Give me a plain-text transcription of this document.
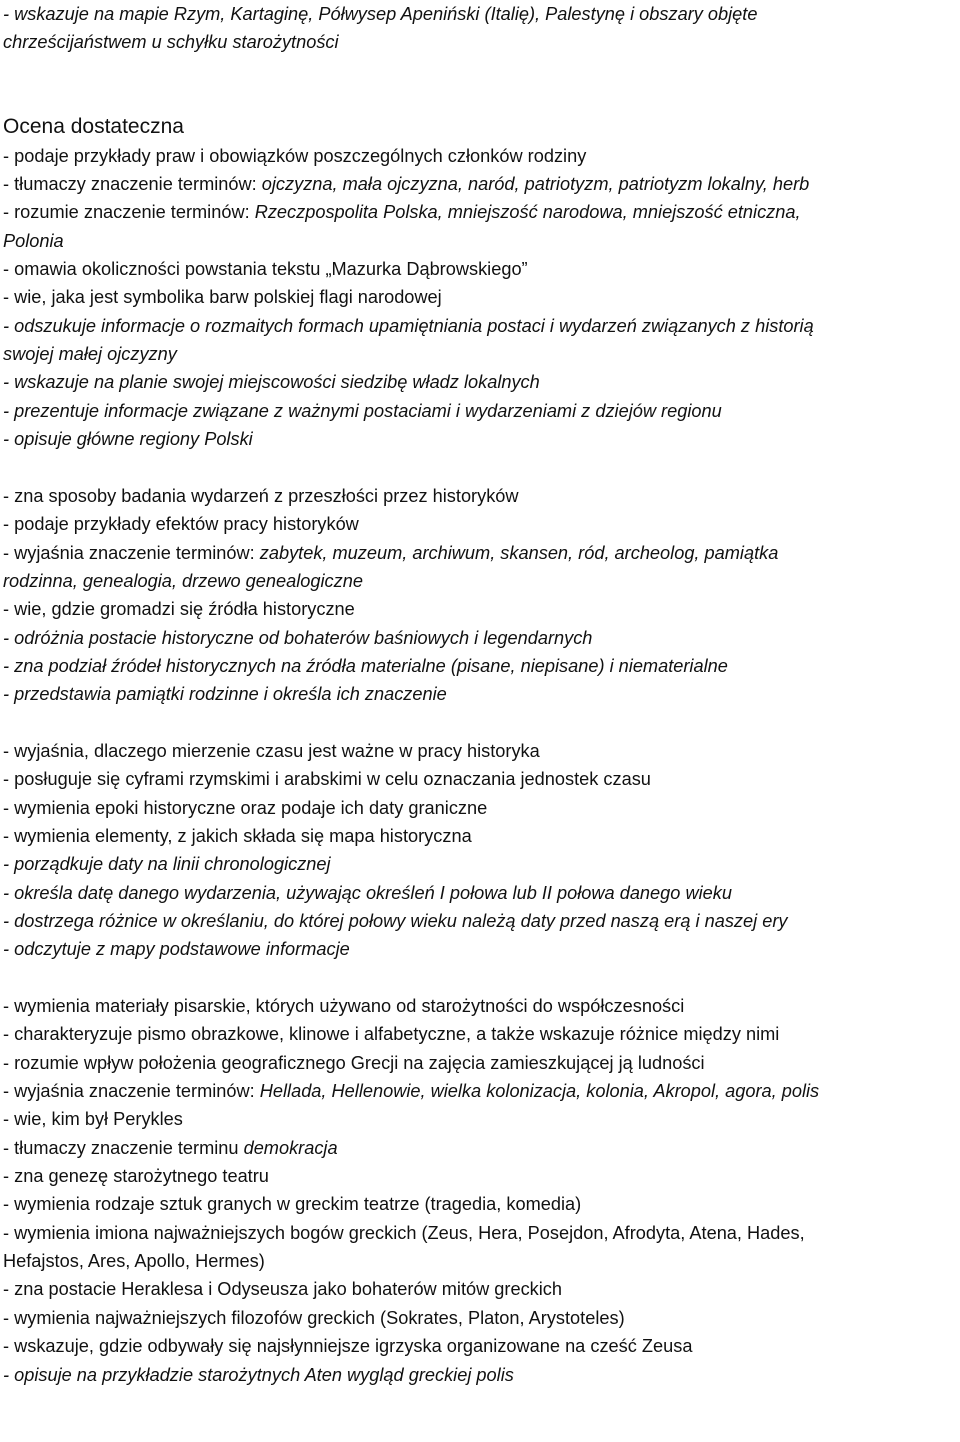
- wskazuje na mapie Rzym, Kartaginę, Półwysep Apeniński (Italię), Palestynę i obszary objęte
chrześcijaństwem u schyłku starożytności
Ocena dostateczna
- podaje przykłady praw i obowiązków poszczególnych członków rodziny
- tłumaczy znaczenie terminów: ojczyzna, mała ojczyzna, naród, patriotyzm, patriotyzm lokalny, herb
- rozumie znaczenie terminów: Rzeczpospolita Polska, mniejszość narodowa, mniejszość etniczna,
Polonia
- omawia okoliczności powstania tekstu „Mazurka Dąbrowskiego”
- wie, jaka jest symbolika barw polskiej flagi narodowej
- odszukuje informacje o rozmaitych formach upamiętniania postaci i wydarzeń związanych z historią
swojej małej ojczyzny
- wskazuje na planie swojej miejscowości siedzibę władz lokalnych
- prezentuje informacje związane z ważnymi postaciami i wydarzeniami z dziejów regionu
- opisuje główne regiony Polski
- zna sposoby badania wydarzeń z przeszłości przez historyków
- podaje przykłady efektów pracy historyków
- wyjaśnia znaczenie terminów: zabytek, muzeum, archiwum, skansen, ród, archeolog, pamiątka
rodzinna, genealogia, drzewo genealogiczne
- wie, gdzie gromadzi się źródła historyczne
- odróżnia postacie historyczne od bohaterów baśniowych i legendarnych
- zna podział źródeł historycznych na źródła materialne (pisane, niepisane) i niematerialne
- przedstawia pamiątki rodzinne i określa ich znaczenie
- wyjaśnia, dlaczego mierzenie czasu jest ważne w pracy historyka
- posługuje się cyframi rzymskimi i arabskimi w celu oznaczania jednostek czasu
- wymienia epoki historyczne oraz podaje ich daty graniczne
- wymienia elementy, z jakich składa się mapa historyczna
- porządkuje daty na linii chronologicznej
- określa datę danego wydarzenia, używając określeń I połowa lub II połowa danego wieku
- dostrzega różnice w określaniu, do której połowy wieku należą daty przed naszą erą i naszej ery
- odczytuje z mapy podstawowe informacje
- wymienia materiały pisarskie, których używano od starożytności do współczesności
- charakteryzuje pismo obrazkowe, klinowe i alfabetyczne, a także wskazuje różnice między nimi
- rozumie wpływ położenia geograficznego Grecji na zajęcia zamieszkującej ją ludności
- wyjaśnia znaczenie terminów: Hellada, Hellenowie, wielka kolonizacja, kolonia, Akropol, agora, polis
- wie, kim był Perykles
- tłumaczy znaczenie terminu demokracja
- zna genezę starożytnego teatru
- wymienia rodzaje sztuk granych w greckim teatrze (tragedia, komedia)
- wymienia imiona najważniejszych bogów greckich (Zeus, Hera, Posejdon, Afrodyta, Atena, Hades,
Hefajstos, Ares, Apollo, Hermes)
- zna postacie Heraklesa i Odyseusza jako bohaterów mitów greckich
- wymienia najważniejszych filozofów greckich (Sokrates, Platon, Arystoteles)
- wskazuje, gdzie odbywały się najsłynniejsze igrzyska organizowane na cześć Zeusa
- opisuje na przykładzie starożytnych Aten wygląd greckiej polis
